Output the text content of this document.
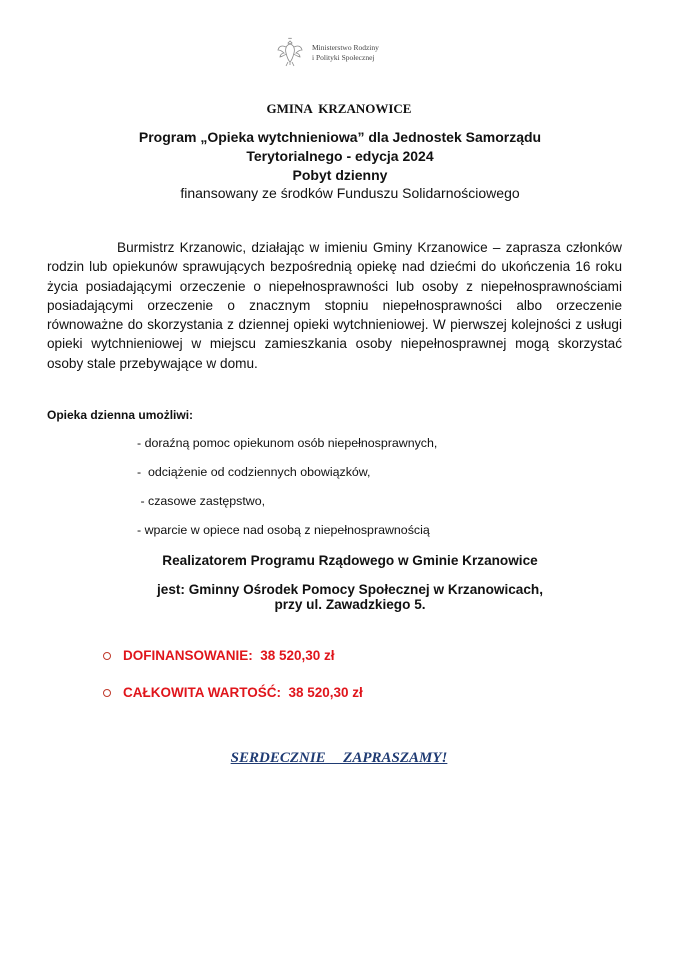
Ministerstwo Rodziny
i Polityki Społecznej
GMINA KRZANOWICE
Program „Opieka wytchnieniowa” dla Jednostek Samorządu
Terytorialnego - edycja 2024
Pobyt dzienny
finansowany ze środków Funduszu Solidarnościowego
Burmistrz Krzanowic, działając w imieniu Gminy Krzanowice – zaprasza członków rodzin lub opiekunów sprawujących bezpośrednią opiekę nad dziećmi do ukończenia 16 roku życia posiadającymi orzeczenie o niepełnosprawności lub osoby z niepełnosprawnościami posiadającymi orzeczenie o znacznym stopniu niepełnosprawności albo orzeczenie równoważne do skorzystania z dziennej opieki wytchnieniowej. W pierwszej kolejności z usługi opieki wytchnieniowej w miejscu zamieszkania osoby niepełnosprawnej mogą skorzystać osoby stale przebywające w domu.
Opieka dzienna umożliwi:
- doraźną pomoc opiekunom osób niepełnosprawnych,
-  odciążenie od codziennych obowiązków,
- czasowe zastępstwo,
- wparcie w opiece nad osobą z niepełnosprawnością
Realizatorem Programu Rządowego w Gminie Krzanowice
jest: Gminny Ośrodek Pomocy Społecznej w Krzanowicach,
przy ul. Zawadzkiego 5.
DOFINANSOWANIE:  38 520,30 zł
CAŁKOWITA WARTOŚĆ:  38 520,30 zł
SERDECZNIE  ZAPRASZAMY!
